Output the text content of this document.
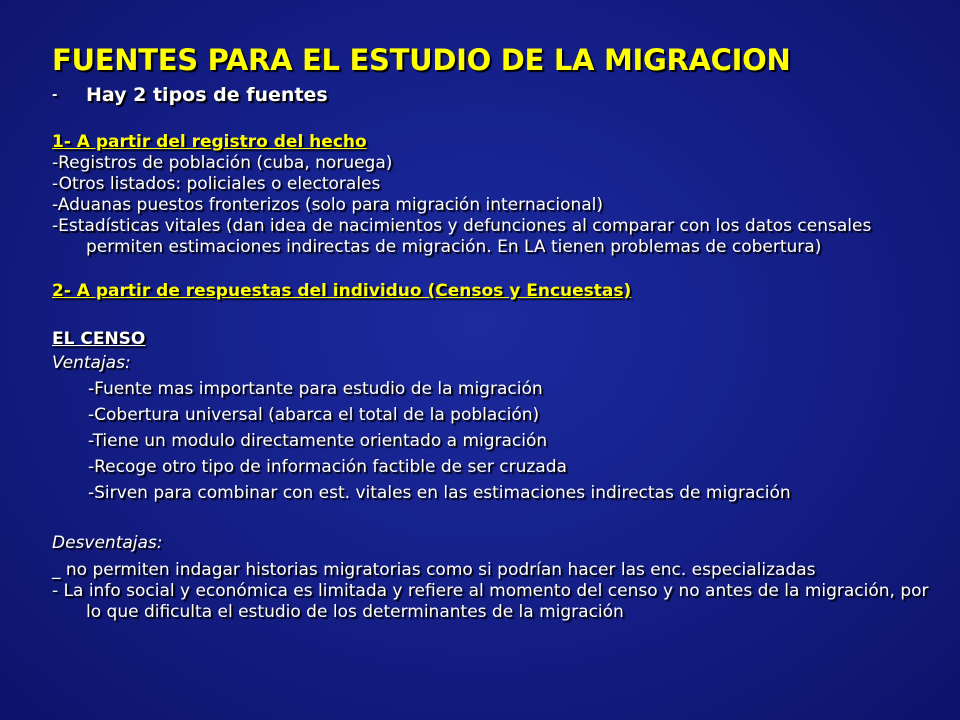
FUENTES PARA EL ESTUDIO DE LA MIGRACION
- Hay 2 tipos de fuentes
1- A partir del registro del hecho
-Registros de población (cuba, noruega)
-Otros listados: policiales o electorales
-Aduanas puestos fronterizos (solo para migración internacional)
-Estadísticas vitales (dan idea de nacimientos y defunciones al comparar con los datos censales permiten estimaciones indirectas de migración. En LA tienen problemas de cobertura)
2- A partir de respuestas del individuo (Censos y Encuestas)
EL CENSO
Ventajas:
-Fuente mas importante para estudio de la migración
-Cobertura universal (abarca el total de la población)
-Tiene un modulo directamente orientado a migración
-Recoge otro tipo de información factible de ser cruzada
-Sirven para combinar con est. vitales en las estimaciones indirectas de migración
Desventajas:
_ no permiten indagar historias migratorias como si podrían hacer las enc. especializadas
- La info social y económica es limitada y refiere al momento del censo y no antes de la migración, por lo que dificulta el estudio de los determinantes de la migración
